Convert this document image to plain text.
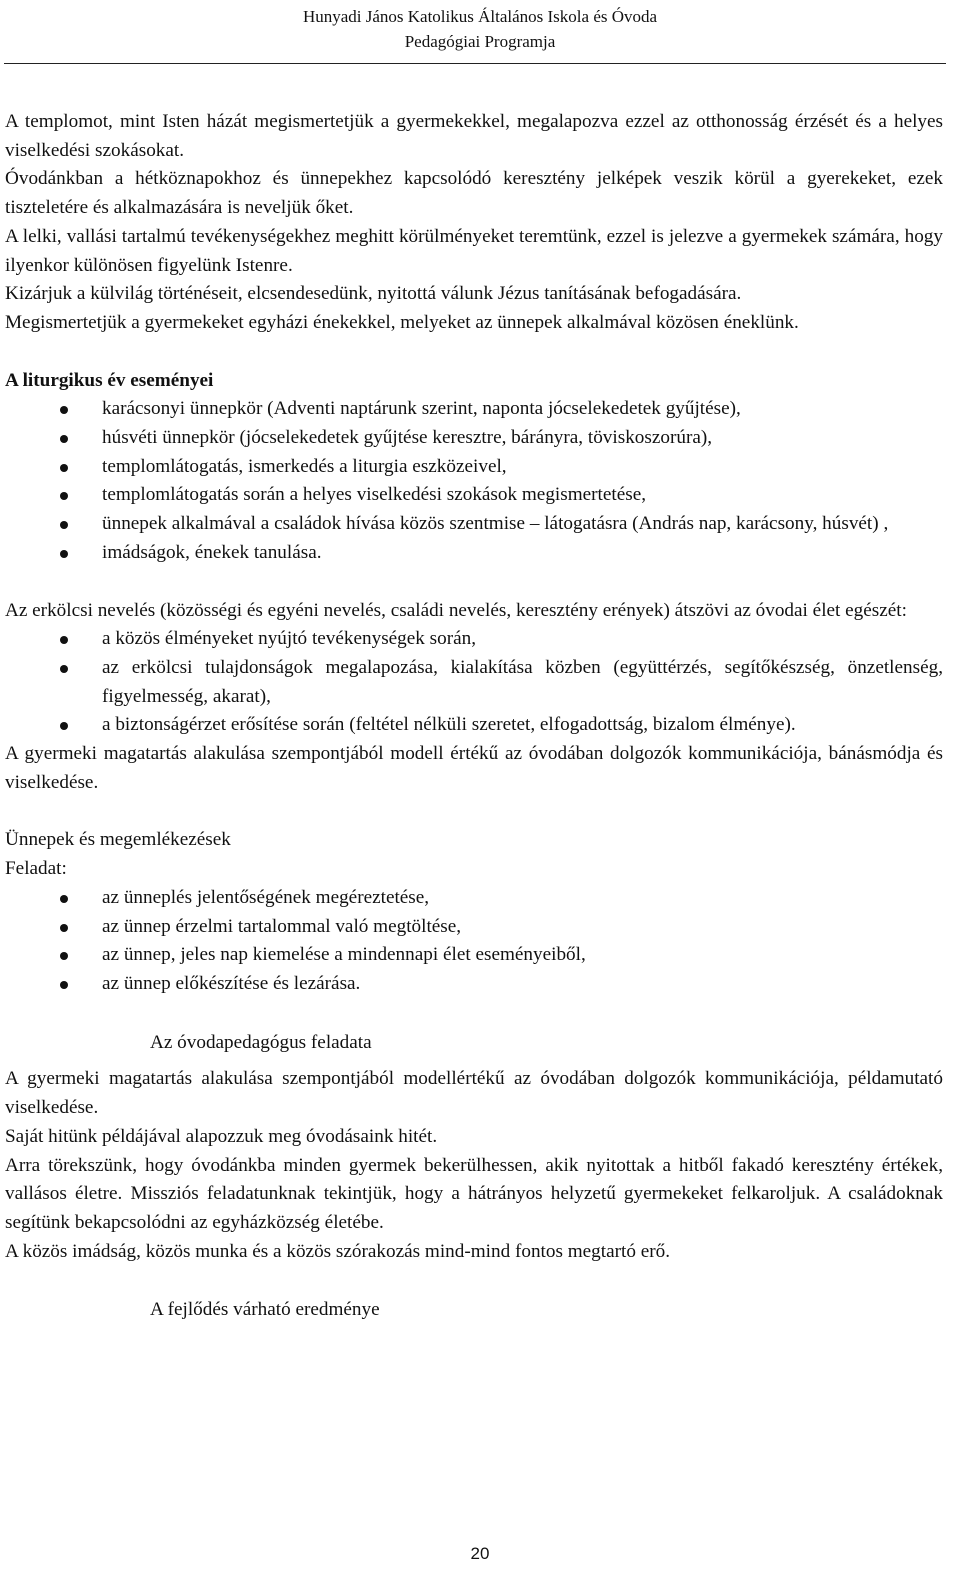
Hunyadi János Katolikus Általános Iskola és Óvoda
Pedagógiai Programja

A templomot, mint Isten házát megismertetjük a gyermekekkel, megalapozva ezzel az otthonosság érzését és a helyes viselkedési szokásokat.

Óvodánkban a hétköznapokhoz és ünnepekhez kapcsolódó keresztény jelképek veszik körül a gyerekeket, ezek tiszteletére és alkalmazására is neveljük őket.

A lelki, vallási tartalmú tevékenységekhez meghitt körülményeket teremtünk, ezzel is jelezve a gyermekek számára, hogy ilyenkor különösen figyelünk Istenre.

Kizárjuk a külvilág történéseit, elcsendesedünk, nyitottá válunk Jézus tanításának befogadására.

Megismertetjük a gyermekeket egyházi énekekkel, melyeket az ünnepek alkalmával közösen éneklünk.

A liturgikus év eseményei

karácsonyi ünnepkör (Adventi naptárunk szerint, naponta jócselekedetek gyűjtése),
húsvéti ünnepkör (jócselekedetek gyűjtése keresztre, bárányra, töviskoszorúra),
templomlátogatás, ismerkedés a liturgia eszközeivel,
templomlátogatás során a helyes viselkedési szokások megismertetése,
ünnepek alkalmával a családok hívása közös szentmise – látogatásra (András nap, karácsony, húsvét) ,
imádságok, énekek tanulása.

Az erkölcsi nevelés (közösségi és egyéni nevelés, családi nevelés, keresztény erények) átszövi az óvodai élet egészét:

a közös élményeket nyújtó tevékenységek során,
az erkölcsi tulajdonságok megalapozása, kialakítása közben (együttérzés, segítőkészség, önzetlenség, figyelmesség, akarat),
a biztonságérzet erősítése során (feltétel nélküli szeretet, elfogadottság, bizalom élménye).

A gyermeki magatartás alakulása szempontjából modell értékű az óvodában dolgozók kommunikációja, bánásmódja és viselkedése.

Ünnepek és megemlékezések

Feladat:

az ünneplés jelentőségének megéreztetése,
az ünnep érzelmi tartalommal való megtöltése,
az ünnep, jeles nap kiemelése a mindennapi élet eseményeiből,
az ünnep előkészítése és lezárása.

Az óvodapedagógus feladata

A gyermeki magatartás alakulása szempontjából modellértékű az óvodában dolgozók kommunikációja, példamutató viselkedése.

Saját hitünk példájával alapozzuk meg óvodásaink hitét.

Arra törekszünk, hogy óvodánkba minden gyermek bekerülhessen, akik nyitottak a hitből fakadó keresztény értékek, vallásos életre. Missziós feladatunknak tekintjük, hogy a hátrányos helyzetű gyermekeket felkaroljuk. A családoknak segítünk bekapcsolódni az egyházközség életébe.

A közös imádság, közös munka és a közös szórakozás mind-mind fontos megtartó erő.

A fejlődés várható eredménye

20
